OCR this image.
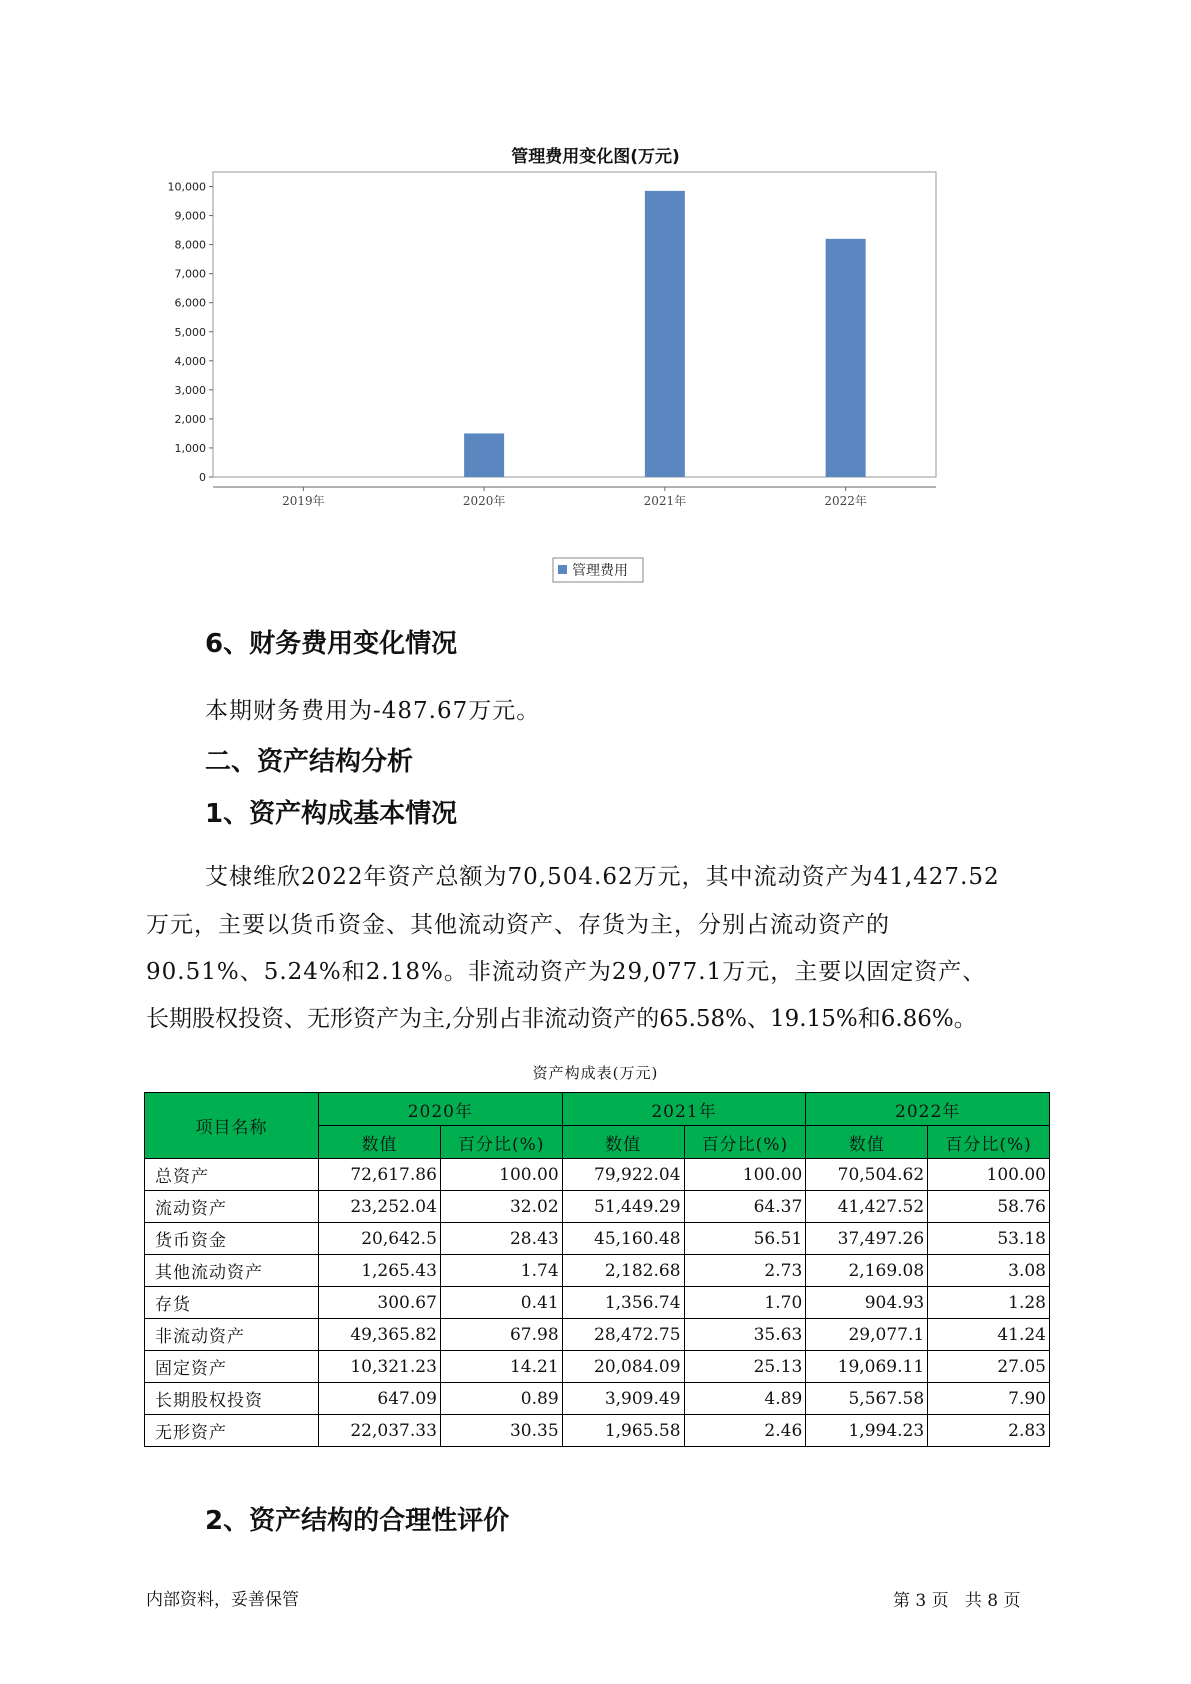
管理费用变化图(万元)
0
1,000
2,000
3,000
4,000
5,000
6,000
7,000
8,000
9,000
10,000
2019年	2020年	2021年	2022年
管理费用
6、财务费用变化情况
本期财务费用为-487.67万元。
二、资产结构分析
1、资产构成基本情况
艾棣维欣2022年资产总额为70,504.62万元，其中流动资产为41,427.52
万元，主要以货币资金、其他流动资产、存货为主，分别占流动资产的
90.51%、5.24%和2.18%。非流动资产为29,077.1万元，主要以固定资产、
长期股权投资、无形资产为主,分别占非流动资产的65.58%、19.15%和6.86%。
资产构成表(万元)
项目名称	2020年		2021年		2022年	
	数值	百分比(%)	数值	百分比(%)	数值	百分比(%)
总资产	72,617.86	100.00	79,922.04	100.00	70,504.62	100.00
流动资产	23,252.04	32.02	51,449.29	64.37	41,427.52	58.76
货币资金	20,642.5	28.43	45,160.48	56.51	37,497.26	53.18
其他流动资产	1,265.43	1.74	2,182.68	2.73	2,169.08	3.08
存货	300.67	0.41	1,356.74	1.70	904.93	1.28
非流动资产	49,365.82	67.98	28,472.75	35.63	29,077.1	41.24
固定资产	10,321.23	14.21	20,084.09	25.13	19,069.11	27.05
长期股权投资	647.09	0.89	3,909.49	4.89	5,567.58	7.90
无形资产	22,037.33	30.35	1,965.58	2.46	1,994.23	2.83
2、资产结构的合理性评价
内部资料，妥善保管	第 3 页   共 8 页
